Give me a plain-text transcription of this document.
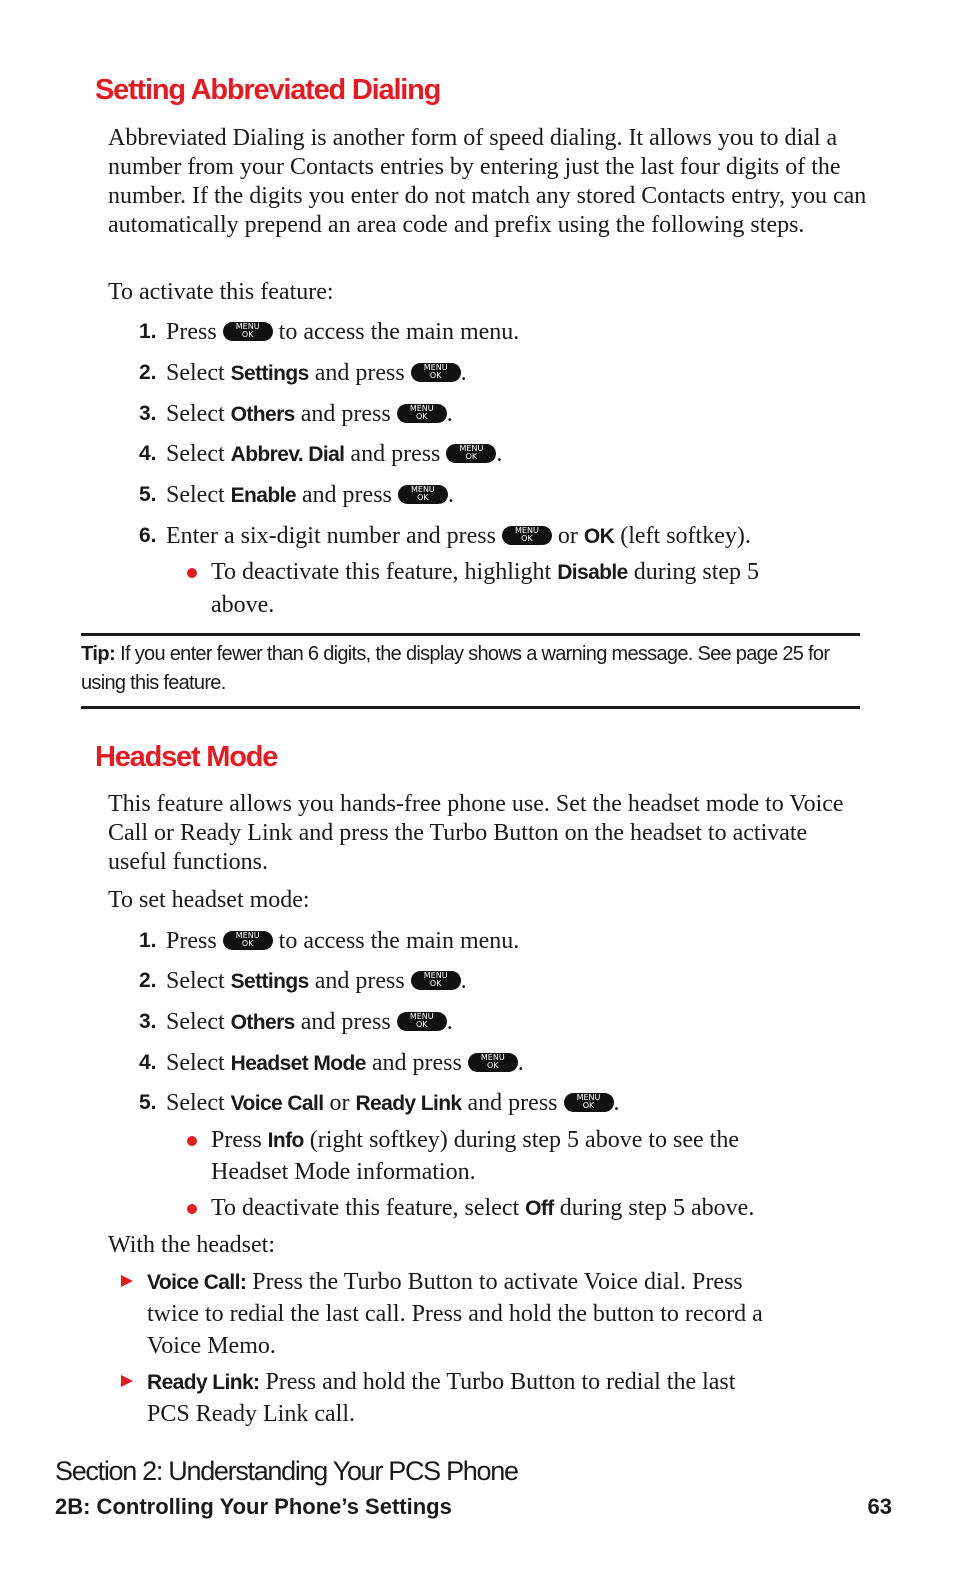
Setting Abbreviated Dialing

Abbreviated Dialing is another form of speed dialing. It allows you to dial a number from your Contacts entries by entering just the last four digits of the number. If the digits you enter do not match any stored Contacts entry, you can automatically prepend an area code and prefix using the following steps.

To activate this feature:
1. Press	MENU
OK	to access the main menu.
2. Select Settings and press	MENU
OK .
3. Select Others and press	MENU
OK .
4. Select Abbrev. Dial and press	MENU
OK .
5. Select Enable and press	MENU
OK .
6. Enter a six-digit number and press	MENU
OK	or OK (left softkey).
To deactivate this feature, highlight Disable during step 5
above.

Tip: If you enter fewer than 6 digits, the display shows a warning message. See page 25 for using this feature.

Headset Mode

This feature allows you hands-free phone use. Set the headset mode to Voice Call or Ready Link and press the Turbo Button on the headset to activate useful functions.

To set headset mode:
1. Press	MENU
OK	to access the main menu.
2. Select Settings and press	MENU
OK .
3. Select Others and press	MENU
OK .
4. Select Headset Mode and press	MENU
OK .
5. Select Voice Call or Ready Link and press	MENU
OK .
Press Info (right softkey) during step 5 above to see the
Headset Mode information.
To deactivate this feature, select Off during step 5 above.
With the headset:
Voice Call: Press the Turbo Button to activate Voice dial. Press
twice to redial the last call. Press and hold the button to record a
Voice Memo.
Ready Link: Press and hold the Turbo Button to redial the last
PCS Ready Link call.
Section 2: Understanding Your PCS Phone
2B: Controlling Your Phone’s Settings	63
